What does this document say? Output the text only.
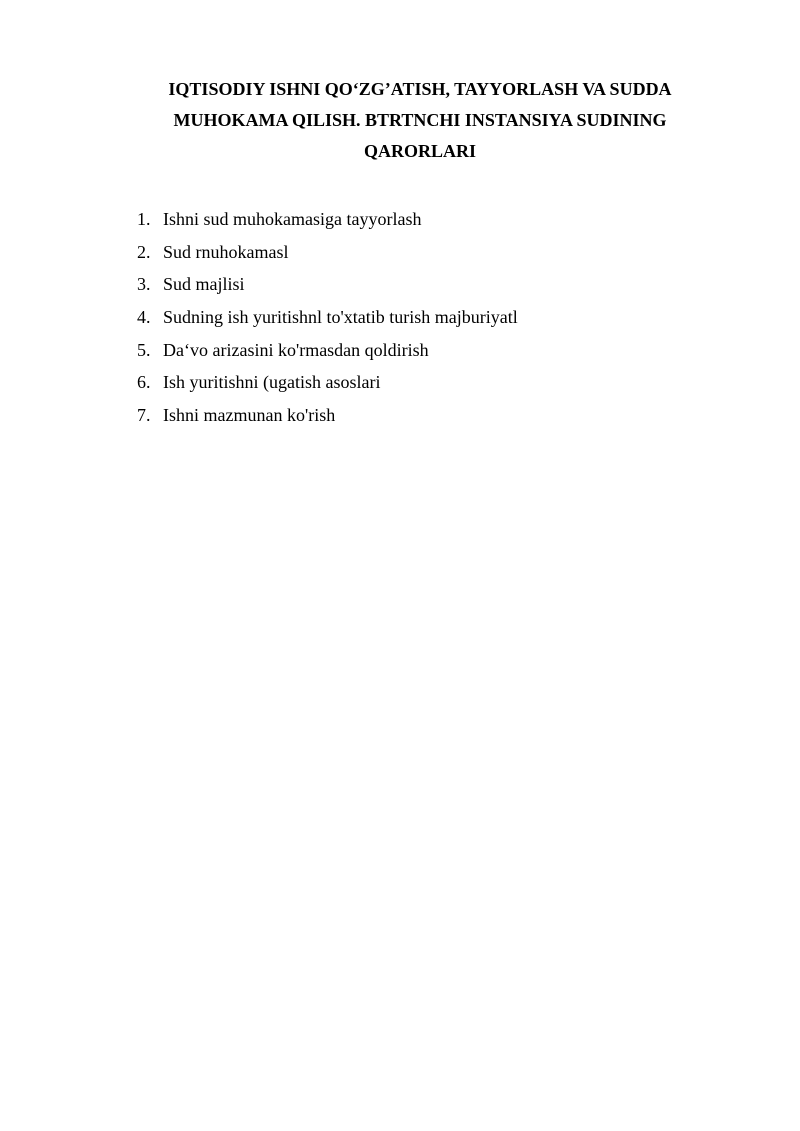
IQTISODIY ISHNI QO‘ZG’ATISH, TAYYORLASH VA SUDDA MUHOKAMA QILISH. BTRTNCHI INSTANSIYA SUDINING QARORLARI
1. Ishni sud muhokamasiga tayyorlash
2. Sud rnuhokamasl
3. Sud majlisi
4. Sudning ish yuritishnl to'xtatib turish majburiyatl
5. Da‘vo arizasini ko'rmasdan qoldirish
6. Ish yuritishni (ugatish asoslari
7. Ishni mazmunan ko'rish
